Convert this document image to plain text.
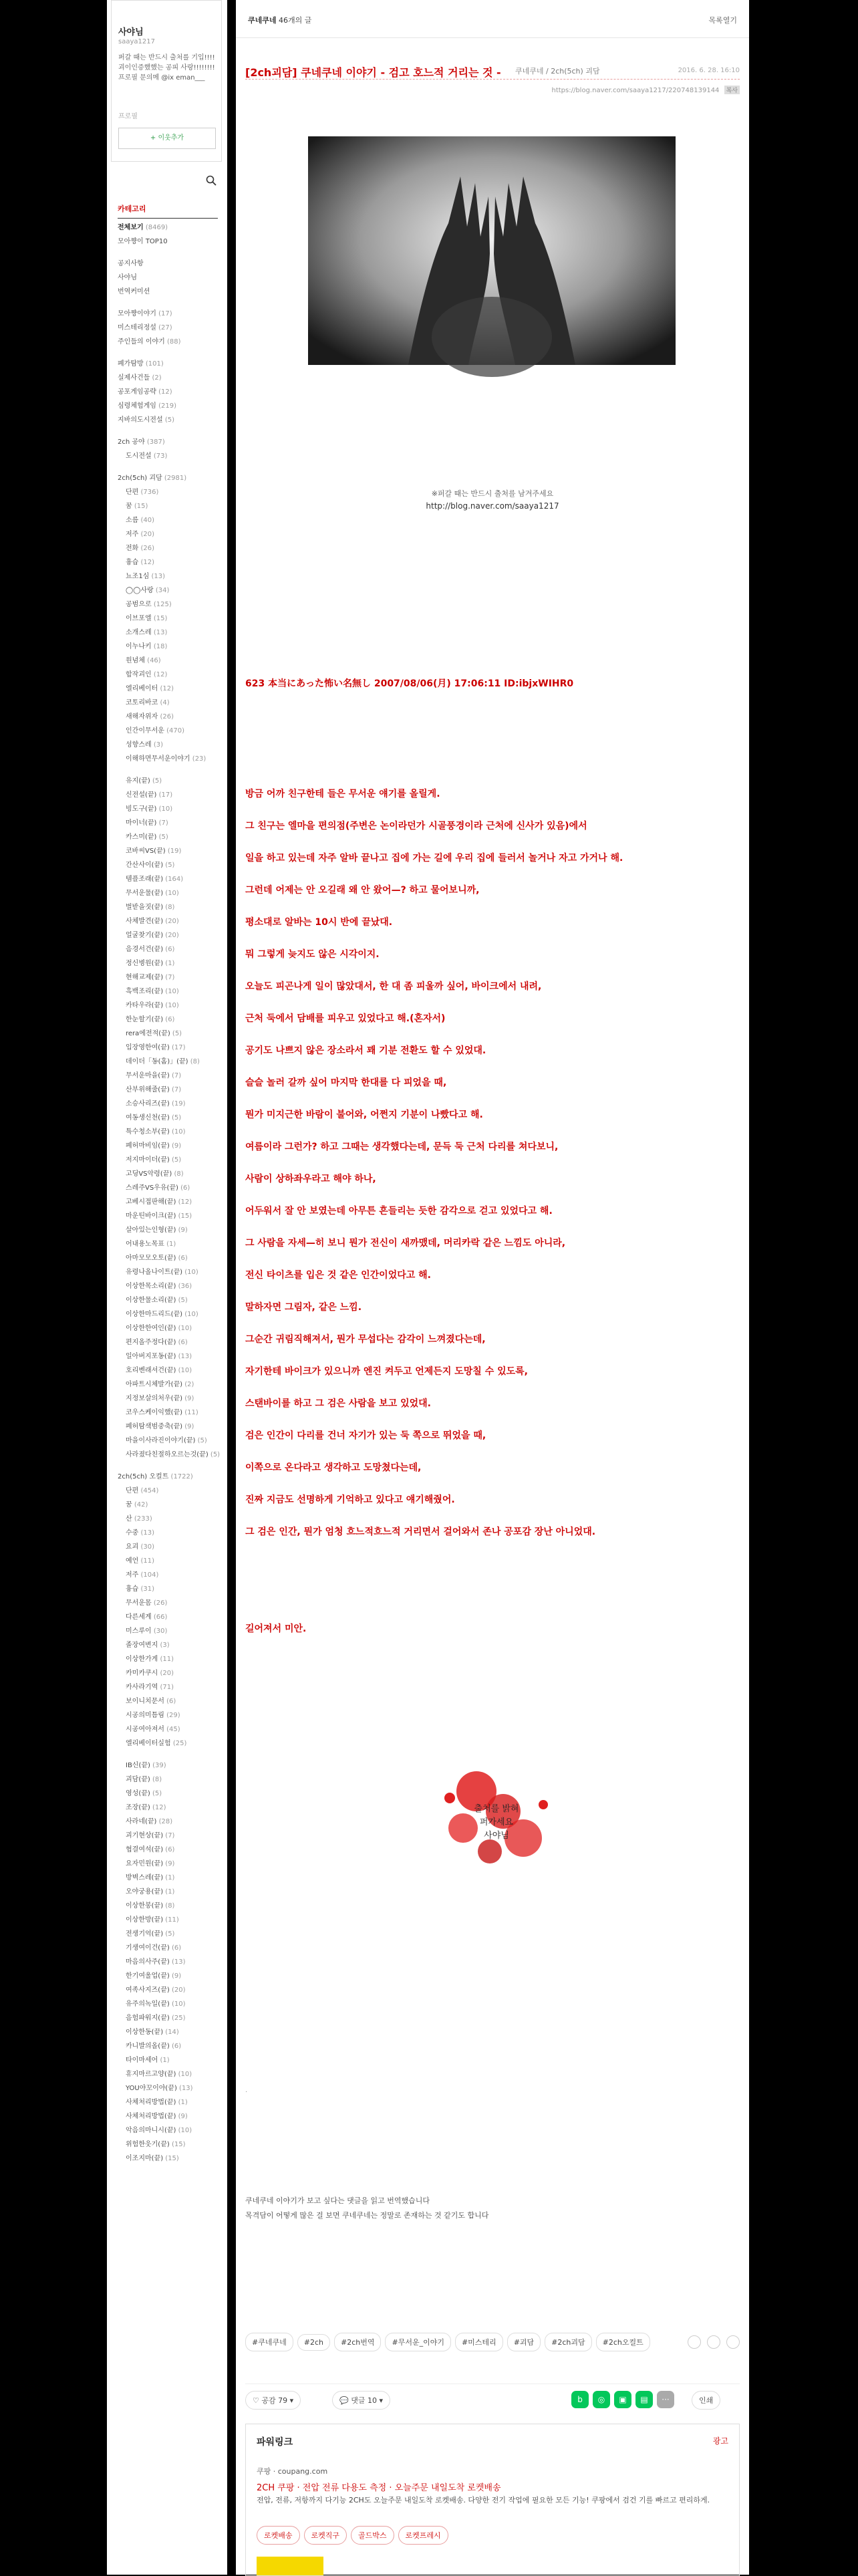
사야님
saaya1217
퍼갈 때는 반드시 출처를 기입!!!! 괴이인증했했는 공피 사랑!!!!!!!!프로필 문의메 @ix eman___
프로필
+ 이웃추가
카테고리
전체보기 (8469)
모아쨩이 TOP10
공지사항
사야님
번역커미션
모아쨩이야기 (17)
미스테리정설 (27)
주인들의 이야기 (88)
폐가탐방 (101)
실제사건들 (2)
공포게임공략 (12)
심령체험게임 (219)
지바의도시전설 (5)
2ch 공야 (387)
도시전설 (73)
2ch(5ch) 괴담 (2981)
단편 (736)
꿈 (15)
소름 (40)
저주 (20)
전화 (26)
흉습 (12)
뇨조1심 (13)
◯◯사랑 (34)
공범으로 (125)
이브포엘 (15)
소개스레 (13)
이누나키 (18)
원념체 (46)
합작괴인 (12)
엘리베이터 (12)
코토리바코 (4)
새해자위자 (26)
인간이무서운 (470)
성향스레 (3)
이해하면무서운이야기 (23)
유지(끝) (5)
신전설(끝) (17)
빙도구(끝) (10)
마이너(끝) (7)
카스미(끝) (5)
코바씨VS(끝) (19)
간산사이(끝) (5)
템플조래(끝) (164)
무서운물(끝) (10)
벌받을짓(끝) (8)
사체발견(끝) (20)
얼굴찾기(끝) (20)
음경서건(끝) (6)
정신병원(끝) (1)
현해교제(끝) (7)
흑백조리(끝) (10)
카타우라(끝) (10)
한눈할기(끝) (6)
rera에전적(끝) (5)
입장영한여(끝) (17)
데이더「동(홈)」(끝) (8)
무서운마을(끝) (7)
산부위해줄(끝) (7)
소승사리즈(끝) (19)
여동생신천(끝) (5)
특수청소부(끝) (10)
폐허마비임(끝) (9)
저지마이더(끝) (5)
고딩VS악령(끝) (8)
스레주VS우유(끝) (6)
고베시접판해(끝) (12)
마운틴바이크(끝) (15)
살아있는인형(끝) (9)
어내용노목표 (1)
아마모모오토(끝) (6)
유령나올나이트(끝) (10)
이상한목소리(끝) (36)
이상한물소리(끝) (5)
이상한마드리드(끝) (10)
이상한한여인(끝) (10)
편지올주정다(끝) (6)
일아버지포동(끝) (13)
호리벤래셔건(끝) (10)
아파트시체발가(끝) (2)
지정보살의처우(끝) (9)
코우스케이익했(끝) (11)
폐허탐색범중축(끝) (9)
마을이사라진이야기(끝) (5)
사라졌다친절하오르는것(끝) (5)
2ch(5ch) 오컬트 (1722)
단편 (454)
꿈 (42)
산 (233)
수중 (13)
요괴 (30)
예언 (11)
저주 (104)
흉습 (31)
무서운몸 (26)
다른세계 (66)
미스루이 (30)
졸장여변지 (3)
이상한가게 (11)
카미카쿠시 (20)
카사라기역 (71)
보이니치문서 (6)
시공의미틈림 (29)
시공여아져서 (45)
엘리베이터실험 (25)
IB신(끝) (39)
괴담(끝) (8)
영성(끝) (5)
조장(끝) (12)
사라네(끝) (28)
괴기현상(끝) (7)
협결여석(끝) (6)
요자민원(끝) (9)
방벽스레(끝) (1)
오야궁용(끝) (1)
이상한봉(끝) (8)
이상한방(끝) (11)
전생기억(끝) (5)
기생여이건(끝) (6)
마음의사주(끝) (13)
한기여울업(끝) (9)
여족사지즈(끝) (20)
유주의녹일(끝) (10)
음험파워지(끝) (25)
이상한동(끝) (14)
카니발의올(끝) (6)
타이마세어 (1)
휴지마르고양(끝) (10)
YOU야꼬이야(끝) (13)
사체처리방법(끝) (1)
사체처리방법(끝) (9)
악음의마니시(끝) (10)
위험한웃기(끝) (15)
이조지마(끝) (15)
쿠네쿠네 46개의 글	목록열기
[2ch괴담] 쿠네쿠네 이야기 - 검고 호느적 거리는 것 -	쿠네쿠네 / 2ch(5ch) 괴담	2016. 6. 28. 16:10
https://blog.naver.com/saaya1217/220748139144 복사
※퍼갈 때는 반드시 출처를 남겨주세요
http://blog.naver.com/saaya1217
623 本当にあった怖い名無し 2007/08/06(月) 17:06:11 ID:ibjxWIHR0
방금 어까 친구한테 들은 무서운 얘기를 올릴게.
그 친구는 엘마을 편의점(주변은 논이라던가 시골풍경이라 근처에 신사가 있음)에서
일을 하고 있는데 자주 알바 끝나고 집에 가는 길에 우리 집에 들러서 놀거나 자고 가거나 해.
그런데 어제는 안 오길래 왜 안 왔어—? 하고 물어보니까,
평소대로 알바는 10시 반에 끝났대.
뭐 그렇게 늦지도 않은 시각이지.
오늘도 피곤나게 일이 많았대서, 한 대 좀 피울까 싶어, 바이크에서 내려,
근처 둑에서 담배를 피우고 있었다고 해.(혼자서)
공기도 나쁘지 않은 장소라서 꽤 기분 전환도 할 수 있었대.
슬슬 놀러 갈까 싶어 마지막 한대를 다 피었을 때,
뭔가 미지근한 바람이 불어와, 어쩐지 기분이 나빴다고 해.
여름이라 그런가? 하고 그때는 생각했다는데, 문득 둑 근처 다리를 쳐다보니,
사람이 상하좌우라고 해야 하나,
어두워서 잘 안 보였는데 아무튼 흔들리는 듯한 감각으로 걷고 있었다고 해.
그 사람을 자세—히 보니 뭔가 전신이 새까맸데, 머리카락 같은 느낌도 아니라,
전신 타이츠를 입은 것 같은 인간이었다고 해.
말하자면 그림자, 같은 느낌.
그순간 귀림직해져서, 뭔가 무섭다는 감각이 느껴졌다는데,
자기한테 바이크가 있으니까 엔진 켜두고 언제든지 도망칠 수 있도록,
스탠바이를 하고 그 검은 사람을 보고 있었대.
검은 인간이 다리를 건너 자기가 있는 둑 쪽으로 뛰었을 때,
이쪽으로 온다라고 생각하고 도망쳤다는데,
진짜 지금도 선명하게 기억하고 있다고 얘기해줬어.
그 검은 인간, 뭔가 엄청 흐느적흐느적 거리면서 걸어와서 존나 공포감 장난 아니었대.
길어져서 미안.
출처를 밝혀
퍼가세요
사야님
.
쿠네쿠네 이야기가 보고 싶다는 댓글을 읽고 번역했습니다
목격담이 어떻게 많은 걸 보면 쿠네쿠네는 정말로 존재하는 것 같기도 합니다
#쿠네쿠네 #2ch #2ch번역 #무서운_이야기 #미스테리 #괴담 #2ch괴담 #2ch오컬트

♡ 공감 79 ▾	💬 댓글 10 ▾	b	◎	▣	▤	···	인쇄
파워링크	광고
쿠팡 · coupang.com
2CH 쿠팡 · 전압 전류 다용도 측정 · 오늘주문 내일도착 로켓배송
전압, 전류, 저항까지 다기능 2CH도 오늘주문 내일도착 로켓배송. 다양한 전기 작업에 필요한 모든 기능! 쿠팡에서 검건 기를 빠르고 편리하게.
로켓배송	로켓직구	골드박스	로켓프레시
